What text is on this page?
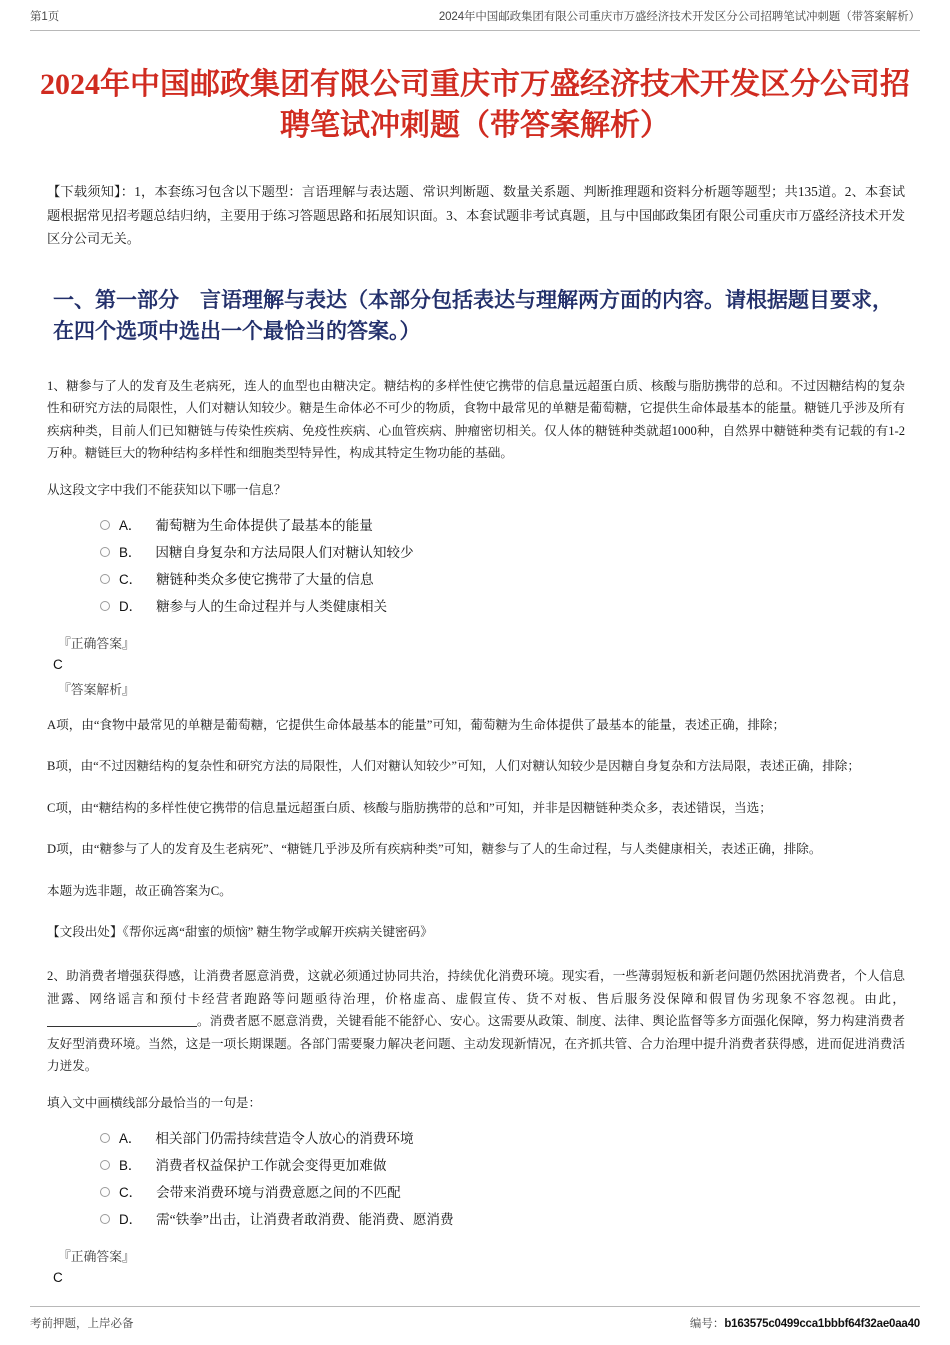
第1页	2024年中国邮政集团有限公司重庆市万盛经济技术开发区分公司招聘笔试冲刺题（带答案解析）
2024年中国邮政集团有限公司重庆市万盛经济技术开发区分公司招聘笔试冲刺题（带答案解析）

【下载须知】：1，本套练习包含以下题型：言语理解与表达题、常识判断题、数量关系题、判断推理题和资料分析题等题型；共135道。2、本套试题根据常见招考题总结归纳，主要用于练习答题思路和拓展知识面。3、本套试题非考试真题，且与中国邮政集团有限公司重庆市万盛经济技术开发区分公司无关。

一、第一部分　言语理解与表达（本部分包括表达与理解两方面的内容。请根据题目要求，在四个选项中选出一个最恰当的答案。）

1、糖参与了人的发育及生老病死，连人的血型也由糖决定。糖结构的多样性使它携带的信息量远超蛋白质、核酸与脂肪携带的总和。不过因糖结构的复杂性和研究方法的局限性，人们对糖认知较少。糖是生命体必不可少的物质，食物中最常见的单糖是葡萄糖，它提供生命体最基本的能量。糖链几乎涉及所有疾病种类，目前人们已知糖链与传染性疾病、免疫性疾病、心血管疾病、肿瘤密切相关。仅人体的糖链种类就超1000种，自然界中糖链种类有记载的有1-2万种。糖链巨大的物种结构多样性和细胞类型特异性，构成其特定生物功能的基础。

从这段文字中我们不能获知以下哪一信息？

A． 葡萄糖为生命体提供了最基本的能量
B． 因糖自身复杂和方法局限人们对糖认知较少
C． 糖链种类众多使它携带了大量的信息
D． 糖参与人的生命过程并与人类健康相关

『正确答案』

C

『答案解析』

A项，由“食物中最常见的单糖是葡萄糖，它提供生命体最基本的能量”可知，葡萄糖为生命体提供了最基本的能量，表述正确，排除；

B项，由“不过因糖结构的复杂性和研究方法的局限性，人们对糖认知较少”可知，人们对糖认知较少是因糖自身复杂和方法局限，表述正确，排除；

C项，由“糖结构的多样性使它携带的信息量远超蛋白质、核酸与脂肪携带的总和”可知，并非是因糖链种类众多，表述错误，当选；

D项，由“糖参与了人的发育及生老病死”、“糖链几乎涉及所有疾病种类”可知，糖参与了人的生命过程，与人类健康相关，表述正确，排除。

本题为选非题，故正确答案为C。

【文段出处】《帮你远离“甜蜜的烦恼” 糖生物学或解开疾病关键密码》

2、助消费者增强获得感，让消费者愿意消费，这就必须通过协同共治，持续优化消费环境。现实看，一些薄弱短板和新老问题仍然困扰消费者，个人信息泄露、网络谣言和预付卡经营者跑路等问题亟待治理，价格虚高、虚假宣传、货不对板、售后服务没保障和假冒伪劣现象不容忽视。由此，。消费者愿不愿意消费，关键看能不能舒心、安心。这需要从政策、制度、法律、舆论监督等多方面强化保障，努力构建消费者友好型消费环境。当然，这是一项长期课题。各部门需要聚力解决老问题、主动发现新情况，在齐抓共管、合力治理中提升消费者获得感，进而促进消费活力迸发。

填入文中画横线部分最恰当的一句是：

A． 相关部门仍需持续营造令人放心的消费环境
B． 消费者权益保护工作就会变得更加难做
C． 会带来消费环境与消费意愿之间的不匹配
D． 需“铁拳”出击，让消费者敢消费、能消费、愿消费

『正确答案』

C

考前押题，上岸必备	编号：b163575c0499cca1bbbf64f32ae0aa40
